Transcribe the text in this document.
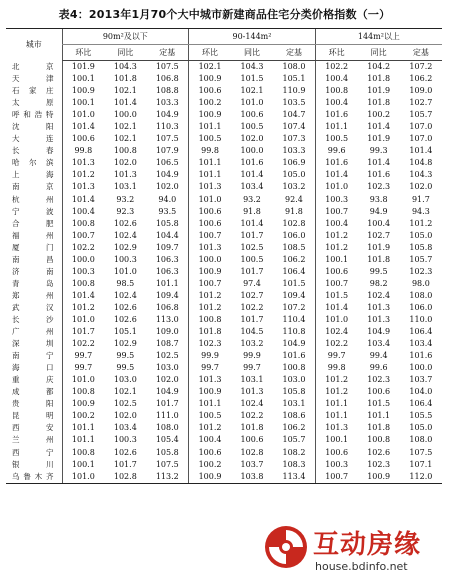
表4：2013年1月70个大中城市新建商品住宅分类价格指数（一）
城市	90m²及以下			90-144m²			144m²以上		
	环比	同比	定基	环比	同比	定基	环比	同比	定基
北京	101.9	104.3	107.5	102.1	104.3	108.0	102.2	104.2	107.2
天津	100.1	101.8	106.8	100.9	101.5	105.1	100.4	101.8	106.2
石家庄	100.9	102.1	108.8	100.6	102.1	110.9	100.8	101.9	109.0
太原	100.1	101.4	103.3	100.2	101.0	103.5	100.4	101.8	102.7
呼和浩特	101.0	100.0	104.9	100.9	100.6	104.7	101.6	100.2	105.7
沈阳	101.4	102.1	110.3	101.1	100.5	107.4	101.1	101.4	107.0
大连	100.6	102.1	107.5	100.5	102.0	107.3	100.5	101.9	107.0
长春	99.8	100.8	107.9	99.8	100.0	103.3	99.6	99.3	101.4
哈尔滨	101.3	102.0	106.5	101.1	101.6	106.9	101.6	101.4	104.8
上海	101.2	101.3	104.9	101.1	101.4	105.0	101.4	101.6	104.3
南京	101.3	103.1	102.0	101.3	103.4	103.2	101.0	102.3	102.0
杭州	101.4	93.2	94.0	101.0	93.2	92.4	100.3	93.8	91.7
宁波	100.4	92.3	93.5	100.6	91.8	91.8	100.7	94.9	94.3
合肥	100.8	102.6	105.8	100.6	101.4	102.8	100.4	100.4	101.2
福州	100.7	102.4	104.4	100.7	101.7	106.0	101.2	102.7	105.0
厦门	102.2	102.9	109.7	101.3	102.5	108.5	101.2	101.9	105.8
南昌	100.0	100.3	106.3	100.0	100.5	106.2	100.1	101.8	105.7
济南	100.3	101.0	106.3	100.9	101.7	106.4	100.6	99.5	102.3
青岛	100.8	98.5	101.1	100.7	97.4	101.5	100.7	98.2	98.0
郑州	101.4	102.4	109.4	101.2	102.7	109.4	101.5	102.4	108.0
武汉	101.2	102.6	106.8	101.2	102.2	107.2	101.4	101.3	106.0
长沙	101.0	102.6	113.0	100.8	101.7	110.4	101.0	101.3	110.0
广州	101.7	105.1	109.0	101.8	104.5	110.8	102.4	104.9	106.4
深圳	102.2	102.9	108.7	102.3	103.2	104.9	102.2	103.4	103.4
南宁	99.7	99.5	102.5	99.9	99.9	101.6	99.7	99.4	101.6
海口	99.7	99.5	103.0	99.7	99.7	100.8	99.8	99.6	100.0
重庆	101.0	103.0	102.0	101.3	103.1	103.0	101.2	102.3	103.7
成都	100.8	102.1	104.9	100.9	101.3	105.8	101.2	100.6	104.0
贵阳	100.9	102.5	101.7	101.1	102.4	103.1	101.1	101.5	106.4
昆明	100.2	102.0	111.0	100.5	102.2	108.6	101.1	101.1	105.5
西安	101.1	103.4	108.0	101.2	101.8	106.2	101.3	101.8	105.0
兰州	101.1	100.3	105.4	100.4	100.6	105.7	100.1	100.8	108.0
西宁	100.8	102.6	105.8	100.6	102.8	108.2	100.6	102.6	107.5
银川	100.1	101.7	107.5	100.2	103.7	108.3	100.3	102.3	107.1
乌鲁木齐	101.0	102.8	113.2	100.9	103.8	113.4	100.7	100.9	112.0
互动房缘
house.bdinfo.net
